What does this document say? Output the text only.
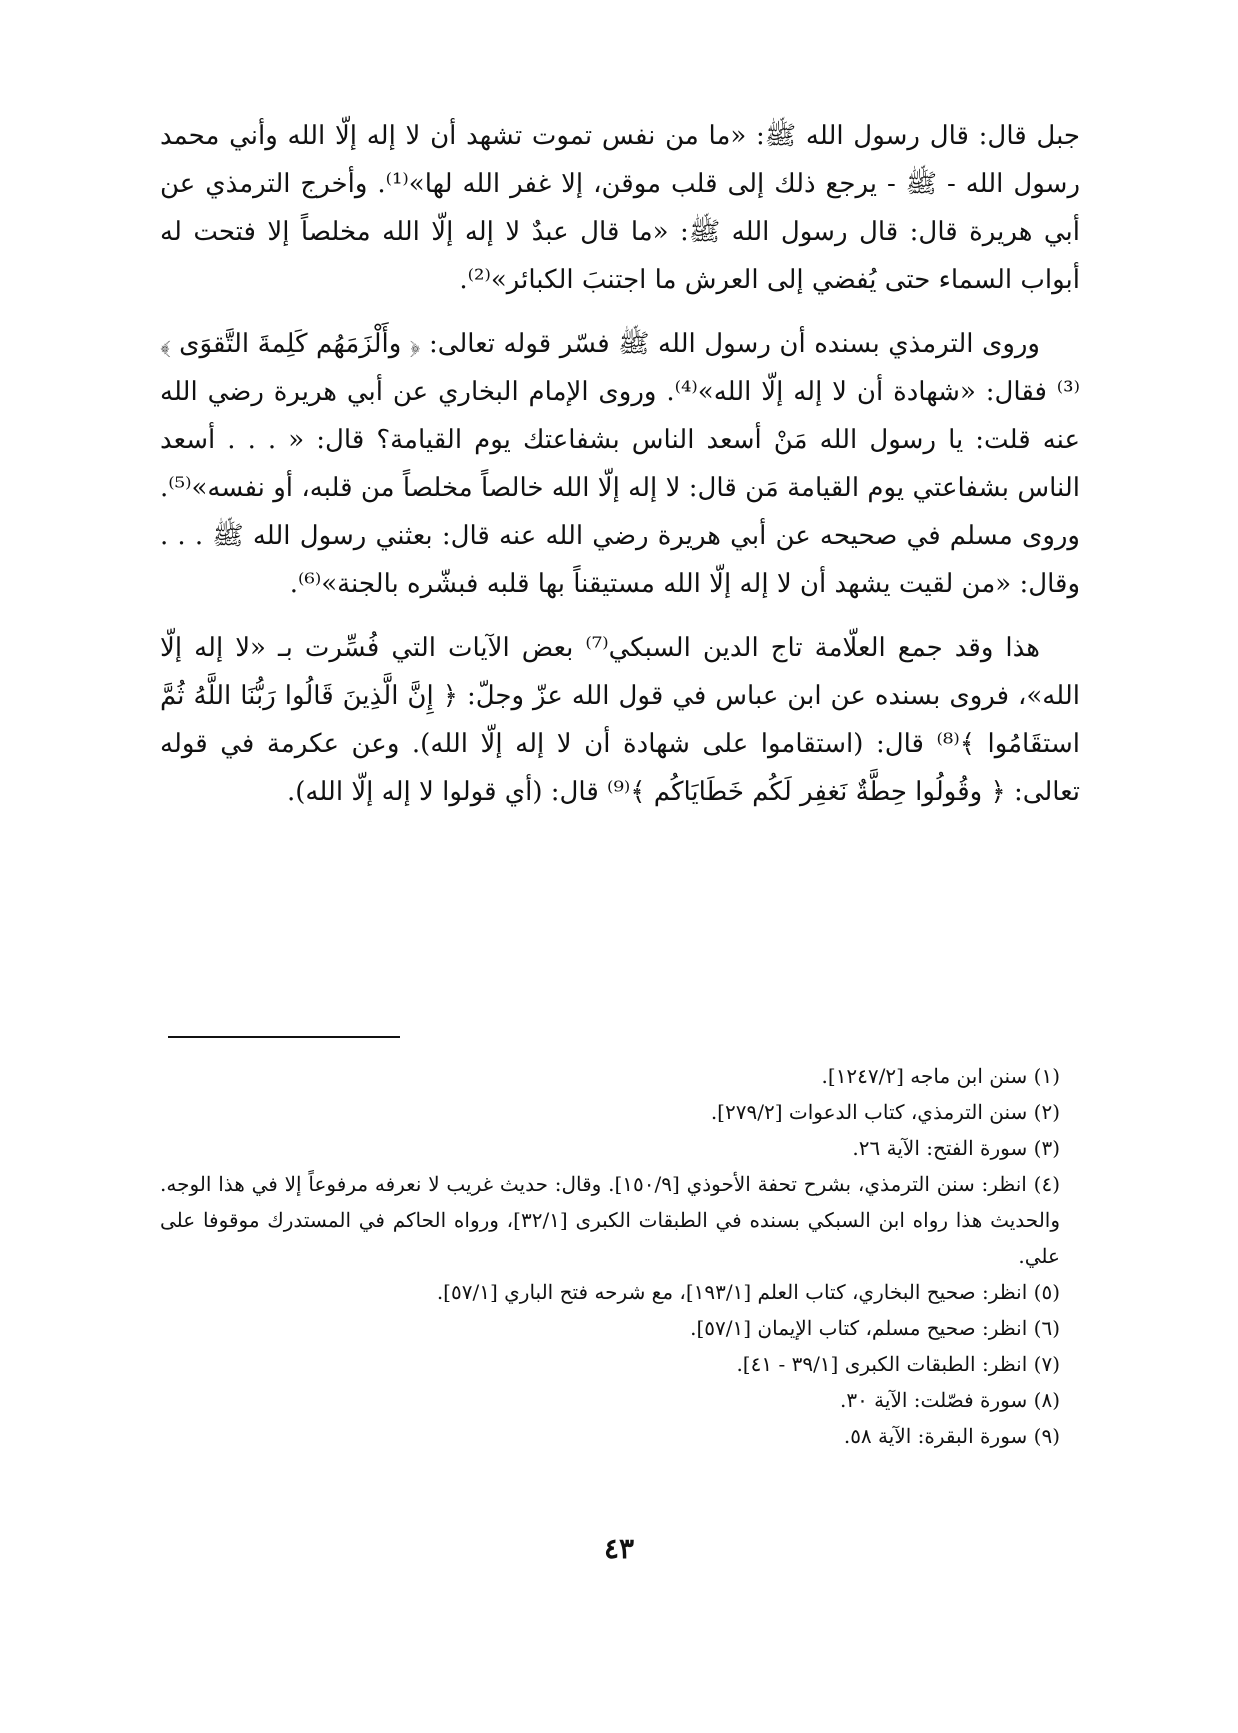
جبل قال: قال رسول الله ﷺ: «ما من نفس تموت تشهد أن لا إله إلّا الله وأني محمد رسول الله - ﷺ - يرجع ذلك إلى قلب موقن، إلا غفر الله لها»⁽¹⁾. وأخرج الترمذي عن أبي هريرة قال: قال رسول الله ﷺ: «ما قال عبدٌ لا إله إلّا الله مخلصاً إلا فتحت له أبواب السماء حتى يُفضي إلى العرش ما اجتنبَ الكبائر»⁽²⁾.

وروى الترمذي بسنده أن رسول الله ﷺ فسّر قوله تعالى: ﴿ وأَلْزَمَهُم كَلِمةَ التَّقوَى ﴾⁽³⁾ فقال: «شهادة أن لا إله إلّا الله»⁽⁴⁾. وروى الإمام البخاري عن أبي هريرة رضي الله عنه قلت: يا رسول الله مَنْ أسعد الناس بشفاعتك يوم القيامة؟ قال: « . . . أسعد الناس بشفاعتي يوم القيامة مَن قال: لا إله إلّا الله خالصاً مخلصاً من قلبه، أو نفسه»⁽⁵⁾. وروى مسلم في صحيحه عن أبي هريرة رضي الله عنه قال: بعثني رسول الله ﷺ . . . وقال: «من لقيت يشهد أن لا إله إلّا الله مستيقناً بها قلبه فبشّره بالجنة»⁽⁶⁾.

هذا وقد جمع العلّامة تاج الدين السبكي⁽⁷⁾ بعض الآيات التي فُسِّرت بـ «لا إله إلّا الله»، فروى بسنده عن ابن عباس في قول الله عزّ وجلّ: ﴿ إِنَّ الَّذِينَ قَالُوا رَبُّنَا اللَّهُ ثُمَّ استقَامُوا ﴾⁽⁸⁾ قال: (استقاموا على شهادة أن لا إله إلّا الله). وعن عكرمة في قوله تعالى: ﴿ وقُولُوا حِطَّةٌ نَغفِر لَكُم خَطَايَاكُم ﴾⁽⁹⁾ قال: (أي قولوا لا إله إلّا الله).

(١) سنن ابن ماجه [١٢٤٧/٢].

(٢) سنن الترمذي، كتاب الدعوات [٢٧٩/٢].

(٣) سورة الفتح: الآية ٢٦.

(٤) انظر: سنن الترمذي، بشرح تحفة الأحوذي [١٥٠/٩]. وقال: حديث غريب لا نعرفه مرفوعاً إلا في هذا الوجه. والحديث هذا رواه ابن السبكي بسنده في الطبقات الكبرى [٣٢/١]، ورواه الحاكم في المستدرك موقوفا على علي.

(٥) انظر: صحيح البخاري، كتاب العلم [١٩٣/١]، مع شرحه فتح الباري [٥٧/١].

(٦) انظر: صحيح مسلم، كتاب الإيمان [٥٧/١].

(٧) انظر: الطبقات الكبرى [٣٩/١ - ٤١].

(٨) سورة فصّلت: الآية ٣٠.

(٩) سورة البقرة: الآية ٥٨.

٤٣
